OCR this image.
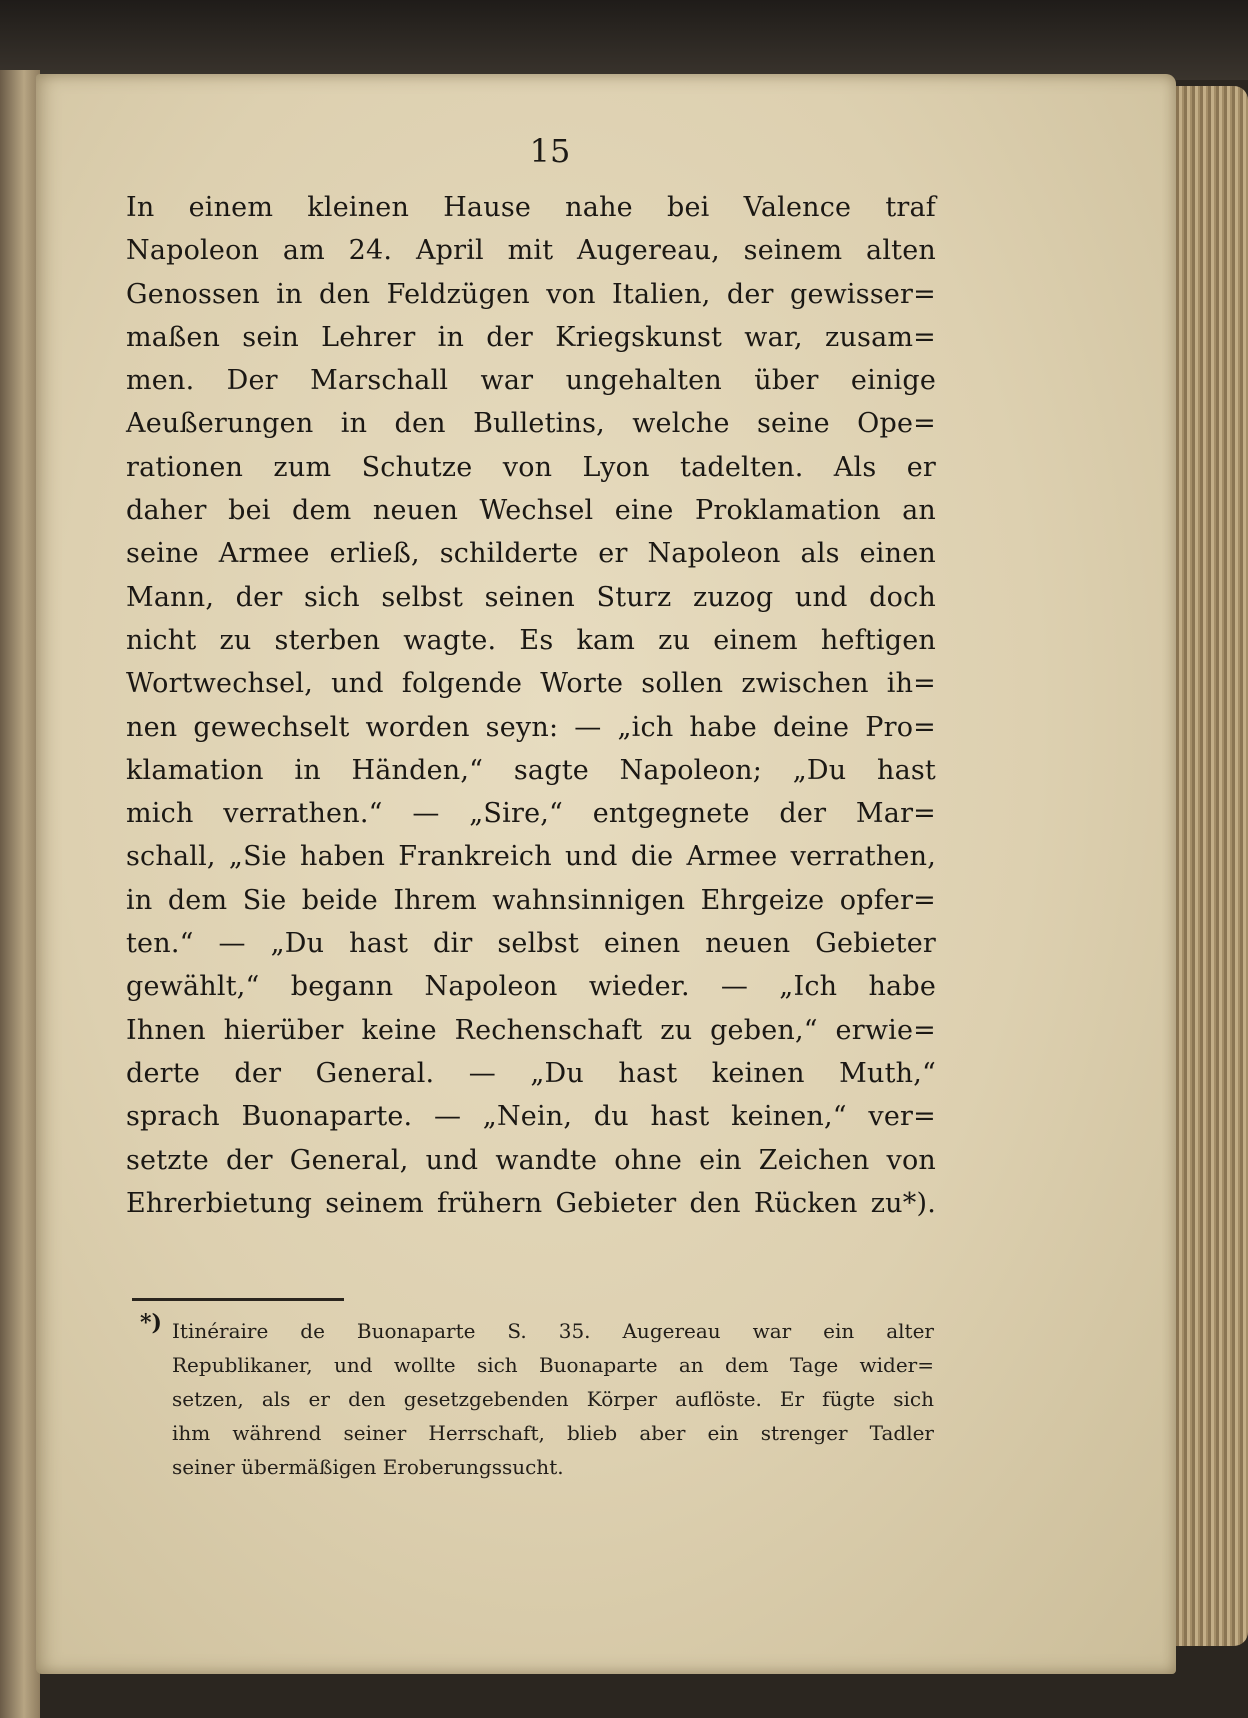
15
In einem kleinen Hause nahe bei Valence traf
Napoleon am 24. April mit Augereau, seinem alten
Genossen in den Feldzügen von Italien, der gewisser=
maßen sein Lehrer in der Kriegskunst war, zusam=
men. Der Marschall war ungehalten über einige
Aeußerungen in den Bulletins, welche seine Ope=
rationen zum Schutze von Lyon tadelten. Als er
daher bei dem neuen Wechsel eine Proklamation an
seine Armee erließ, schilderte er Napoleon als einen
Mann, der sich selbst seinen Sturz zuzog und doch
nicht zu sterben wagte. Es kam zu einem heftigen
Wortwechsel, und folgende Worte sollen zwischen ih=
nen gewechselt worden seyn: — „ich habe deine Pro=
klamation in Händen,“ sagte Napoleon; „Du hast
mich verrathen.“ — „Sire,“ entgegnete der Mar=
schall, „Sie haben Frankreich und die Armee verrathen,
in dem Sie beide Ihrem wahnsinnigen Ehrgeize opfer=
ten.“ — „Du hast dir selbst einen neuen Gebieter
gewählt,“ begann Napoleon wieder. — „Ich habe
Ihnen hierüber keine Rechenschaft zu geben,“ erwie=
derte der General. — „Du hast keinen Muth,“
sprach Buonaparte. — „Nein, du hast keinen,“ ver=
setzte der General, und wandte ohne ein Zeichen von
Ehrerbietung seinem frühern Gebieter den Rücken zu*).
*) Itinéraire de Buonaparte S. 35. Augereau war ein alter
Republikaner, und wollte sich Buonaparte an dem Tage wider=
setzen, als er den gesetzgebenden Körper auflöste. Er fügte sich
ihm während seiner Herrschaft, blieb aber ein strenger Tadler
seiner übermäßigen Eroberungssucht.
